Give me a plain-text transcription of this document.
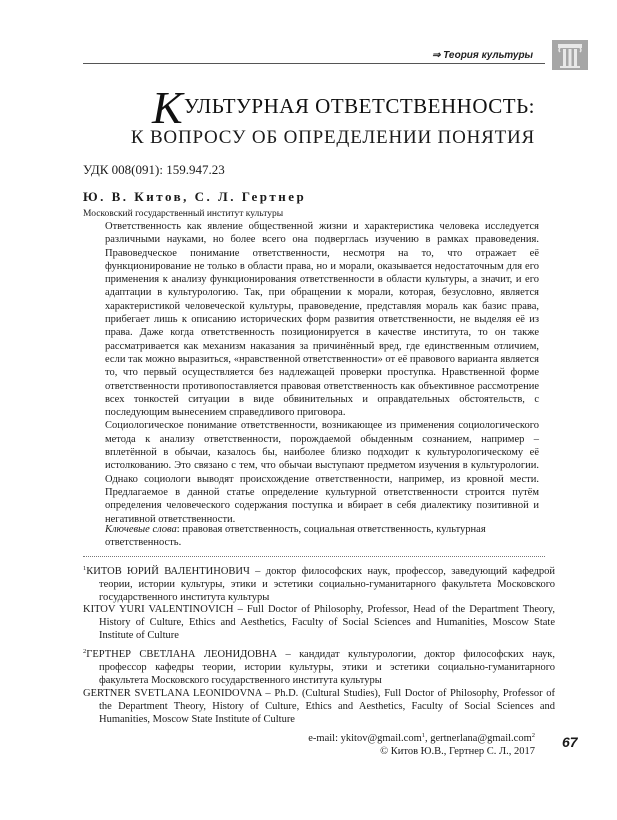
⇒ Теория культуры
КУЛЬТУРНАЯ ОТВЕТСТВЕННОСТЬ:
К ВОПРОСУ ОБ ОПРЕДЕЛЕНИИ ПОНЯТИЯ
УДК 008(091): 159.947.23
Ю. В. Китов, С. Л. Гертнер
Московский государственный институт культуры

Ответственность как явление общественной жизни и характеристика человека исследуется различными науками, но более всего она подверглась изучению в рамках правоведения. Правоведческое понимание ответственности, несмотря на то, что отражает её функционирование не только в области права, но и морали, оказывается недостаточным для его применения к анализу функционирования ответственности в области культуры, а значит, и его адаптации в культурологию. Так, при обращении к морали, которая, безусловно, является характеристикой человеческой культуры, правоведение, представляя мораль как базис права, прибегает лишь к описанию исторических форм развития ответственности, не выделяя её из права. Даже когда ответственность позиционируется в качестве института, то он также рассматривается как механизм наказания за причинённый вред, где единственным отличием, если так можно выразиться, «нравственной ответственности» от её правового варианта является то, что первый осуществляется без надлежащей проверки проступка. Нравственной форме ответственности противопоставляется правовая ответственность как объективное рассмотрение всех тонкостей ситуации в виде обвинительных и оправдательных обстоятельств, с последующим вынесением справедливого приговора.

Социологическое понимание ответственности, возникающее из применения социологического метода к анализу ответственности, порождаемой обыденным сознанием, например – вплетённой в обычаи, казалось бы, наиболее близко подходит к культурологическому её истолкованию. Это связано с тем, что обычаи выступают предметом изучения в культурологии. Однако социологи выводят происхождение ответственности, например, из кровной мести. Предлагаемое в данной статье определение культурной ответственности строится путём определения человеческого содержания поступка и вбирает в себя диалектику позитивной и негативной ответственности.

Ключевые слова: правовая ответственность, социальная ответственность, культурная ответственность.
$^1$КИТОВ ЮРИЙ ВАЛЕНТИНОВИЧ – доктор философских наук, профессор, заведующий кафедрой теории, истории культуры, этики и эстетики социально-гуманитарного факультета Московского государственного института культуры
KITOV YURI VALENTINOVICH – Full Doctor of Philosophy, Professor, Head of the Department Theory, History of Culture, Ethics and Aesthetics, Faculty of Social Sciences and Humanities, Moscow State Institute of Culture
$^2$ГЕРТНЕР СВЕТЛАНА ЛЕОНИДОВНА – кандидат культурологии, доктор философских наук, профессор кафедры теории, истории культуры, этики и эстетики социально-гуманитарного факультета Московского государственного института культуры
GERTNER SVETLANA LEONIDOVNA – Ph.D. (Cultural Studies), Full Doctor of Philosophy, Professor of the Department Theory, History of Culture, Ethics and Aesthetics, Faculty of Social Sciences and Humanities, Moscow State Institute of Culture
e-mail: ykitov@gmail.com$^1$, gertnerlana@gmail.com$^2$
© Китов Ю.В., Гертнер С. Л., 2017
67
